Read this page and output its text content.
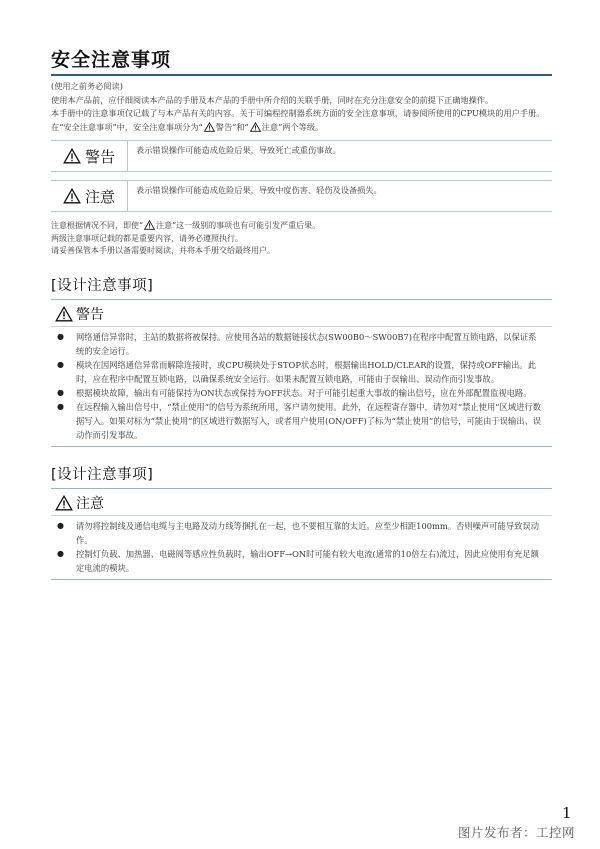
安全注意事项

(使用之前务必阅读)

使用本产品前，应仔细阅读本产品的手册及本产品的手册中所介绍的关联手册，同时在充分注意安全的前提下正确地操作。

本手册中的注意事项仅记载了与本产品有关的内容。关于可编程控制器系统方面的安全注意事项，请参阅所使用的CPU模块的用户手册。

在“安全注意事项”中，安全注意事项分为“ 警告”和“ 注意”两个等级。

警告	表示错误操作可能造成危险后果，导致死亡或重伤事故。
注意	表示错误操作可能造成危险后果，导致中度伤害、轻伤及设备损失。

注意根据情况不同，即使“ 注意”这一级别的事项也有可能引发严重后果。

两级注意事项记载的都是重要内容，请务必遵照执行。

请妥善保管本手册以备需要时阅读，并将本手册交给最终用户。

[设计注意事项]
警告
● 网络通信异常时，主站的数据将被保持。应使用各站的数据链接状态(SW00B0～SW00B7)在程序中配置互锁电路，以保证系统的安全运行。
● 模块在因网络通信异常而解除连接时，或CPU模块处于STOP状态时，根据输出HOLD/CLEAR的设置，保持或OFF输出。此时，应在程序中配置互锁电路，以确保系统安全运行。如果未配置互锁电路，可能由于误输出、误动作而引发事故。
● 根据模块故障，输出有可能保持为ON状态或保持为OFF状态。对于可能引起重大事故的输出信号，应在外部配置监视电路。
● 在远程输入输出信号中，“禁止使用”的信号为系统所用，客户请勿使用。此外，在远程寄存器中，请勿对“禁止使用”区域进行数据写入。如果对标为“禁止使用”的区域进行数据写入，或者用户使用(ON/OFF)了标为“禁止使用”的信号，可能由于误输出、误动作而引发事故。
[设计注意事项]
注意
● 请勿将控制线及通信电缆与主电路及动力线等捆扎在一起，也不要相互靠的太近。应至少相距100mm。否则噪声可能导致误动作。
● 控制灯负载、加热器、电磁阀等感应性负载时，输出OFF→ON时可能有较大电流(通常的10倍左右)流过，因此应使用有充足额定电流的模块。
1
图片发布者：工控网
